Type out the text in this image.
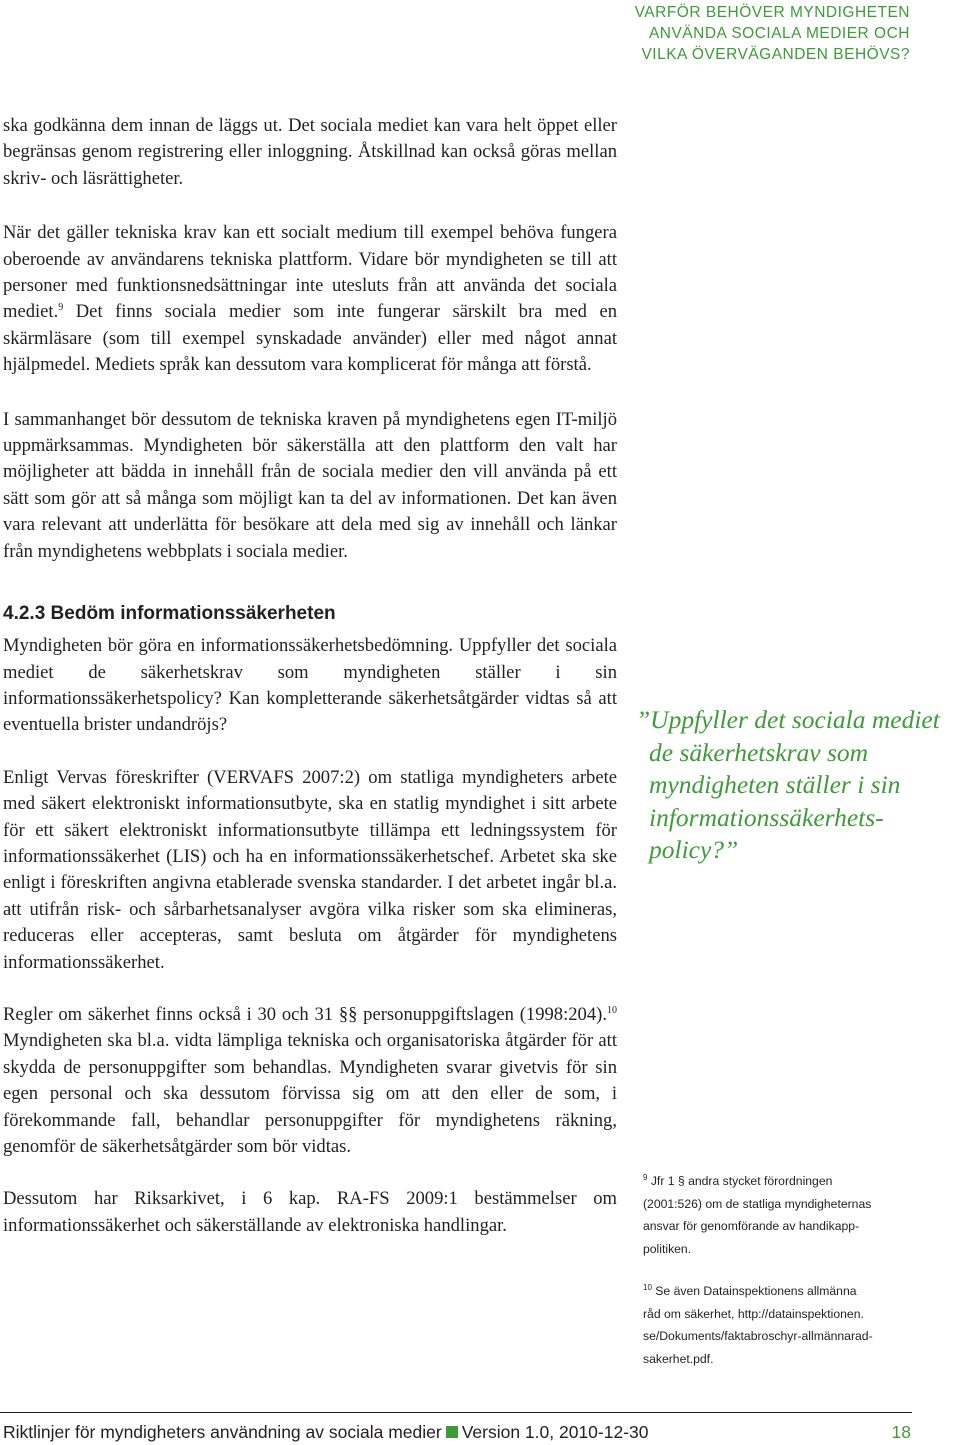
VARFÖR BEHÖVER MYNDIGHETEN
ANVÄNDA SOCIALA MEDIER OCH
VILKA ÖVERVÄGANDEN BEHÖVS?

ska godkänna dem innan de läggs ut. Det sociala mediet kan vara helt öppet eller begränsas genom registrering eller inloggning. Åtskillnad kan också göras mellan skriv- och läsrättigheter.

När det gäller tekniska krav kan ett socialt medium till exempel behöva fungera oberoende av användarens tekniska plattform. Vidare bör myndigheten se till att personer med funktionsnedsättningar inte utesluts från att använda det sociala mediet.$^9$ Det finns sociala medier som inte fungerar särskilt bra med en skärmläsare (som till exempel synskadade använder) eller med något annat hjälpmedel. Mediets språk kan dessutom vara komplicerat för många att förstå.

I sammanhanget bör dessutom de tekniska kraven på myndighetens egen IT-miljö uppmärksammas. Myndigheten bör säkerställa att den plattform den valt har möjligheter att bädda in innehåll från de sociala medier den vill använda på ett sätt som gör att så många som möjligt kan ta del av informationen. Det kan även vara relevant att underlätta för besökare att dela med sig av innehåll och länkar från myndighetens webbplats i sociala medier.

4.2.3 Bedöm informationssäkerheten

Myndigheten bör göra en informationssäkerhetsbedömning. Uppfyller det sociala mediet de säkerhetskrav som myndigheten ställer i sin informationssäkerhetspolicy? Kan kompletterande säkerhetsåtgärder vidtas så att eventuella brister undandröjs?

Enligt Vervas föreskrifter (VERVAFS 2007:2) om statliga myndigheters arbete med säkert elektroniskt informationsutbyte, ska en statlig myndighet i sitt arbete för ett säkert elektroniskt informationsutbyte tillämpa ett ledningssystem för informationssäkerhet (LIS) och ha en informationssäkerhetschef. Arbetet ska ske enligt i föreskriften angivna etablerade svenska standarder. I det arbetet ingår bl.a. att utifrån risk- och sårbarhetsanalyser avgöra vilka risker som ska elimineras, reduceras eller accepteras, samt besluta om åtgärder för myndighetens informationssäkerhet.

Regler om säkerhet finns också i 30 och 31 §§ personuppgiftslagen (1998:204).$^{10}$ Myndigheten ska bl.a. vidta lämpliga tekniska och organisatoriska åtgärder för att skydda de personuppgifter som behandlas. Myndigheten svarar givetvis för sin egen personal och ska dessutom förvissa sig om att den eller de som, i förekommande fall, behandlar personuppgifter för myndighetens räkning, genomför de säkerhetsåtgärder som bör vidtas.

Dessutom har Riksarkivet, i 6 kap. RA-FS 2009:1 bestämmelser om informationssäkerhet och säkerställande av elektroniska handlingar.

”Uppfyller det sociala mediet
de säkerhetskrav som
myndigheten ställer i sin
informationssäkerhets-
policy?”
$^9$ Jfr 1 § andra stycket förordningen
(2001:526) om de statliga myndigheternas
ansvar för genomförande av handikapp-
politiken.
$^{10}$ Se även Datainspektionens allmänna
råd om säkerhet, http://datainspektionen.
se/Dokuments/faktabroschyr-allmännarad-
sakerhet.pdf.
Riktlinjer för myndigheters användning av sociala medier Version 1.0, 2010-12-30	18
